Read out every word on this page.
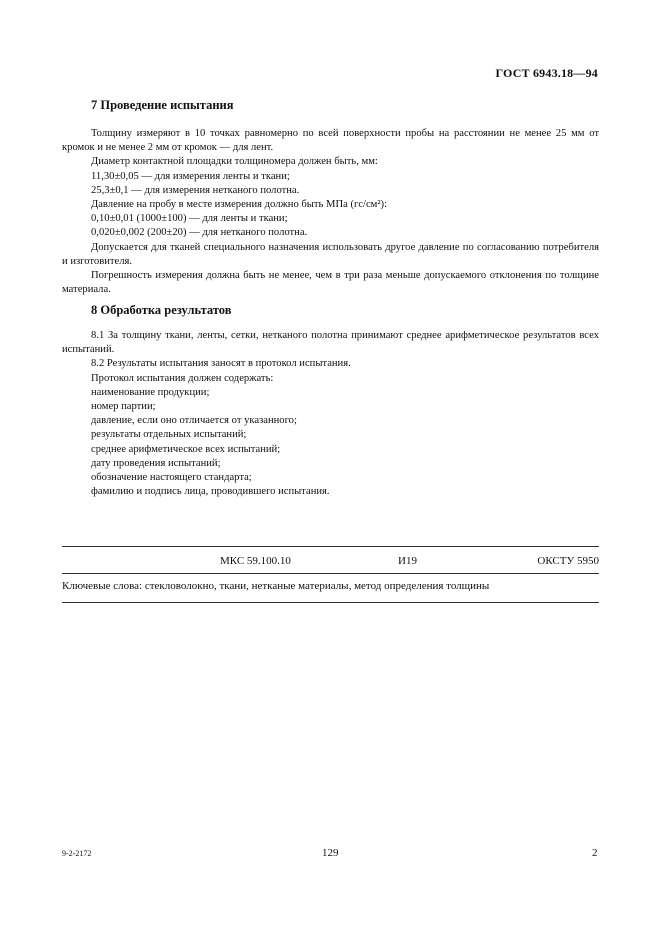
ГОСТ 6943.18—94
7 Проведение испытания

Толщину измеряют в 10 точках равномерно по всей поверхности пробы на расстоянии не менее 25 мм от кромок и не менее 2 мм от кромок — для лент.

Диаметр контактной площадки толщиномера должен быть, мм:

11,30±0,05 — для измерения ленты и ткани;

25,3±0,1 — для измерения нетканого полотна.

Давление на пробу в месте измерения должно быть МПа (гс/см²):

0,10±0,01 (1000±100) — для ленты и ткани;

0,020±0,002 (200±20) — для нетканого полотна.

Допускается для тканей специального назначения использовать другое давление по согласованию потребителя и изготовителя.

Погрешность измерения должна быть не менее, чем в три раза меньше допускаемого отклонения по толщине материала.

8 Обработка результатов

8.1 За толщину ткани, ленты, сетки, нетканого полотна принимают среднее арифметическое результатов всех испытаний.

8.2 Результаты испытания заносят в протокол испытания.

Протокол испытания должен содержать:

наименование продукции;

номер партии;

давление, если оно отличается от указанного;

результаты отдельных испытаний;

среднее арифметическое всех испытаний;

дату проведения испытаний;

обозначение настоящего стандарта;

фамилию и подпись лица, проводившего испытания.

МКС 59.100.10	И19	ОКСТУ 5950
Ключевые слова: стекловолокно, ткани, нетканые материалы, метод определения толщины
9-2-2172	129	2
